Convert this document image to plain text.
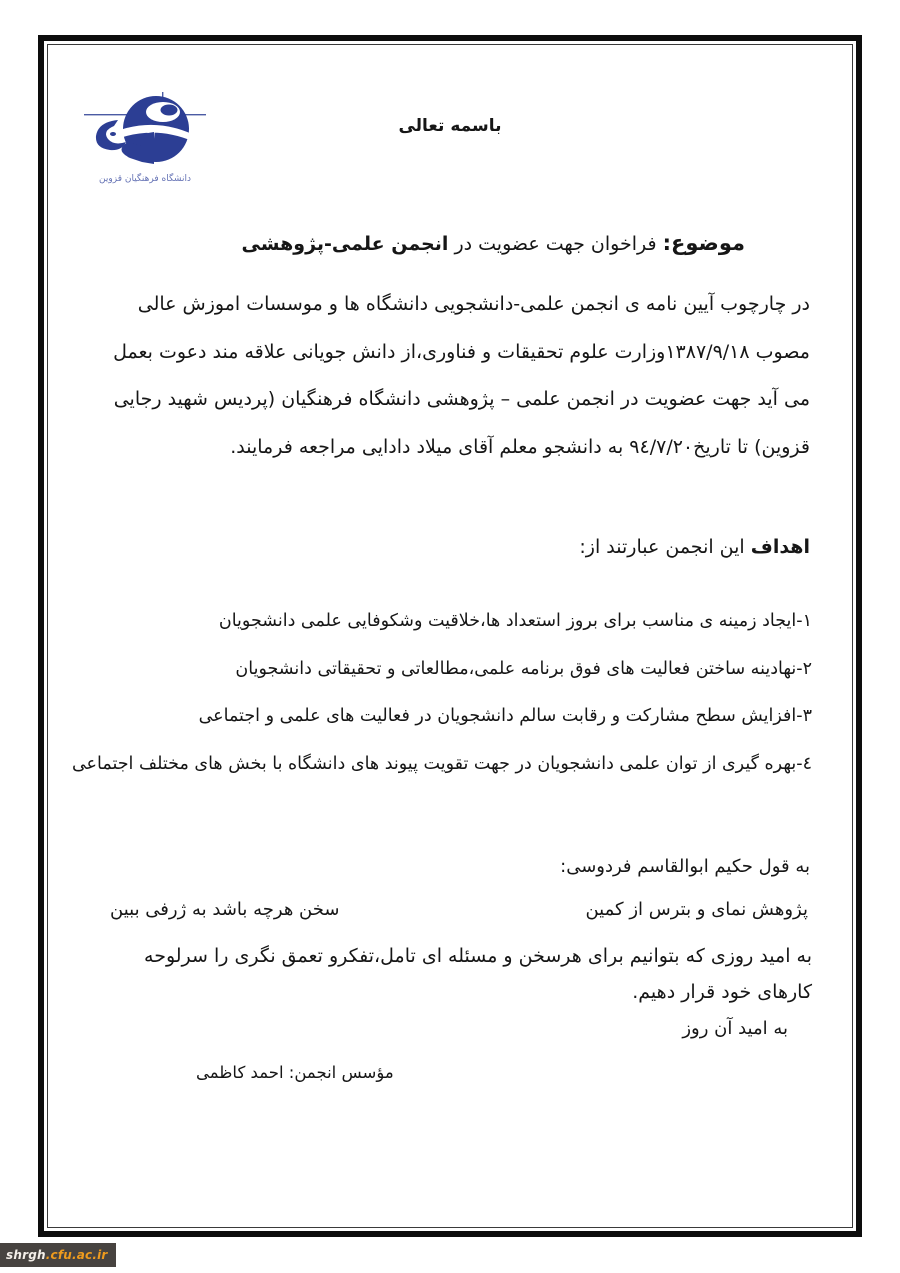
دانشگاه فرهنگیان قزوین
باسمه تعالی
موضوع: فراخوان جهت عضویت در انجمن علمی-پژوهشی
در چارچوب آیین نامه ی انجمن علمی-دانشجویی دانشگاه ها و موسسات اموزش عالی مصوب ۱۳۸۷/۹/۱۸وزارت علوم تحقیقات و فناوری،از دانش جویانی علاقه مند دعوت بعمل می آید جهت عضویت در انجمن علمی – پژوهشی دانشگاه فرهنگیان (پردیس شهید رجایی قزوین) تا تاریخ۹٤/۷/۲۰ به دانشجو معلم آقای میلاد دادایی مراجعه فرمایند.
اهداف این انجمن عبارتند از:
۱-ایجاد زمینه ی مناسب برای بروز استعداد ها،خلاقیت وشکوفایی علمی دانشجویان
۲-نهادینه ساختن فعالیت های فوق برنامه علمی،مطالعاتی و تحقیقاتی دانشجویان
۳-افزایش سطح مشارکت و رقابت سالم دانشجویان در فعالیت های علمی و اجتماعی
٤-بهره گیری از توان علمی دانشجویان در جهت تقویت پیوند های دانشگاه با بخش های مختلف اجتماعی
به قول حکیم ابوالقاسم فردوسی:
پژوهش نمای و بترس از کمین
سخن هرچه باشد به ژرفی ببین
به امید روزی که بتوانیم برای هرسخن و مسئله ای تامل،تفکرو تعمق نگری را سرلوحه کارهای خود قرار دهیم.
به امید آن روز
مؤسس انجمن: احمد کاظمی
shrgh .cfu.ac.ir
